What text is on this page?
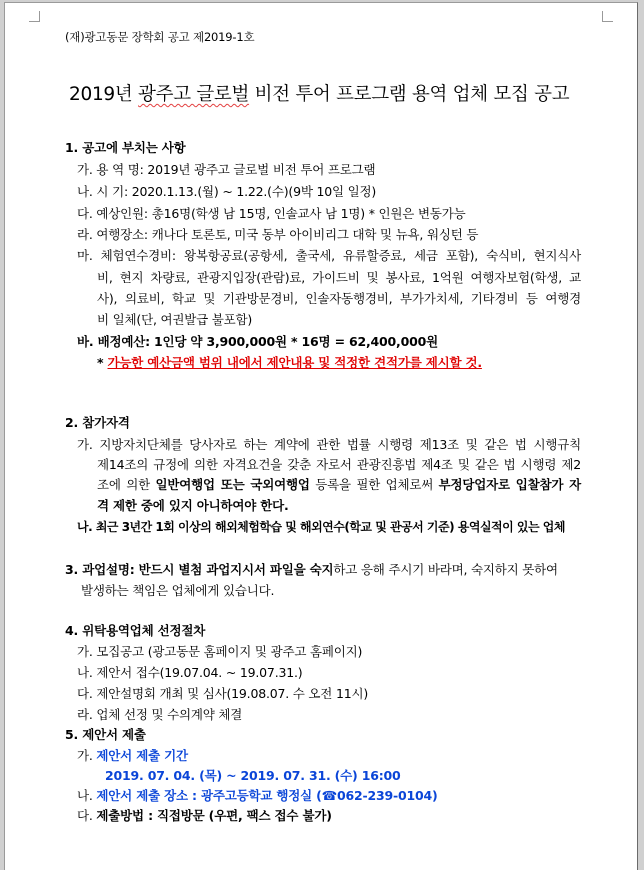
(재)광고동문 장학회 공고 제2019-1호
2019년 광주고 글로벌 비전 투어 프로그램 용역 업체 모집 공고
1. 공고에 부치는 사항
가. 용 역 명: 2019년 광주고 글로벌 비전 투어 프로그램
나. 시 기: 2020.1.13.(월) ~ 1.22.(수)(9박 10일 일정)
다. 예상인원: 총16명(학생 남 15명, 인솔교사 남 1명) * 인원은 변동가능
라. 여행장소: 캐나다 토론토, 미국 동부 아이비리그 대학 및 뉴욕, 워싱턴 등
마. 체험연수경비: 왕복항공료(공항세, 출국세, 유류할증료, 세금 포함), 숙식비, 현지식사
비, 현지 차량료, 관광지입장(관람)료, 가이드비 및 봉사료, 1억원 여행자보험(학생, 교
사), 의료비, 학교 및 기관방문경비, 인솔자동행경비, 부가가치세, 기타경비 등 여행경
비 일체(단, 여권발급 불포함)
바. 배정예산: 1인당 약 3,900,000원 * 16명 = 62,400,000원
* 가능한 예산금액 범위 내에서 제안내용 및 적정한 견적가를 제시할 것.
2. 참가자격
가. 지방자치단체를 당사자로 하는 계약에 관한 법률 시행령 제13조 및 같은 법 시행규칙
제14조의 규정에 의한 자격요건을 갖춘 자로서 관광진흥법 제4조 및 같은 법 시행령 제2
조에 의한 일반여행업 또는 국외여행업 등록을 필한 업체로써 부정당업자로 입찰참가 자
격 제한 중에 있지 아니하여야 한다.
나. 최근 3년간 1회 이상의 해외체험학습 및 해외연수(학교 및 관공서 기준) 용역실적이 있는 업체
3. 과업설명: 반드시 별첨 과업지시서 파일을 숙지하고 응해 주시기 바라며, 숙지하지 못하여
발생하는 책임은 업체에게 있습니다.
4. 위탁용역업체 선정절차
가. 모집공고 (광고동문 홈페이지 및 광주고 홈페이지)
나. 제안서 접수(19.07.04. ~ 19.07.31.)
다. 제안설명회 개최 및 심사(19.08.07. 수 오전 11시)
라. 업체 선정 및 수의계약 체결
5. 제안서 제출
가. 제안서 제출 기간
2019. 07. 04. (목) ~ 2019. 07. 31. (수) 16:00
나. 제안서 제출 장소 : 광주고등학교 행정실 (☎062-239-0104)
다. 제출방법 : 직접방문 (우편, 팩스 접수 불가)
